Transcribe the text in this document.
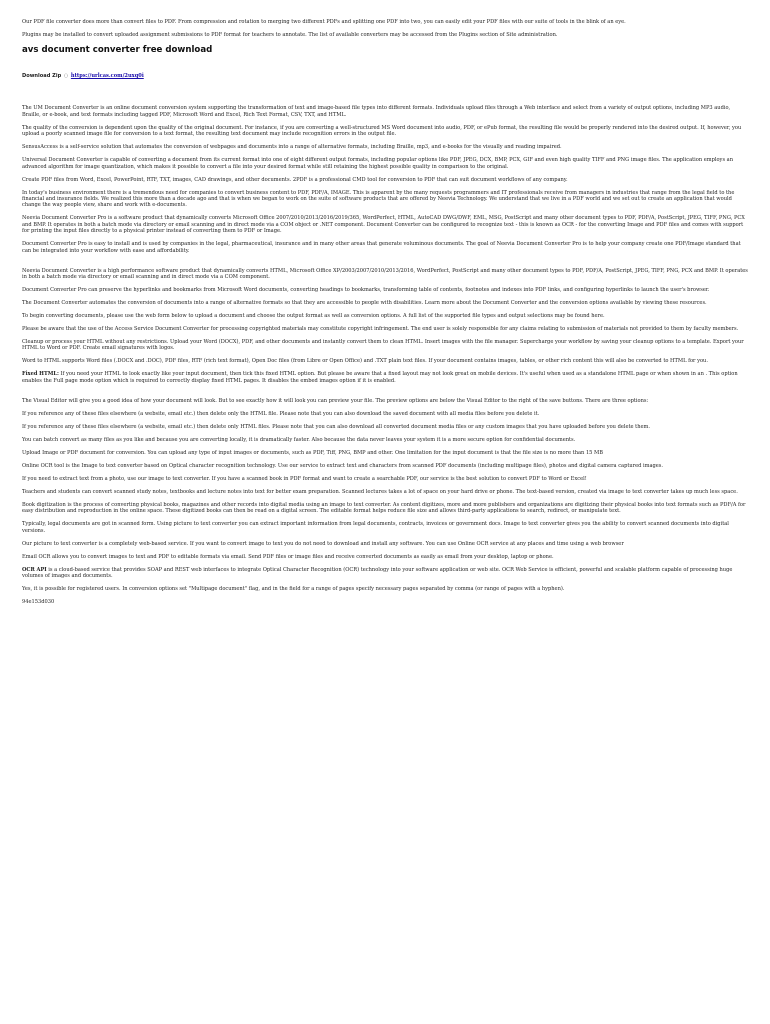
Our PDF file converter does more than convert files to PDF. From compression and rotation to merging two different PDFs and splitting one PDF into two, you can easily edit your PDF files with our suite of tools in the blink of an eye.

Plugins may be installed to convert uploaded assignment submissions to PDF format for teachers to annotate. The list of available converters may be accessed from the Plugins section of Site administration.

avs document converter free download
Download Zip ◌ https://urlcas.com/2uxq0i

The UM Document Converter is an online document conversion system supporting the transformation of text and image-based file types into different formats. Individuals upload files through a Web interface and select from a variety of output options, including MP3 audio, Braille, or e-book, and text formats including tagged PDF, Microsoft Word and Excel, Rich Text Format, CSV, TXT, and HTML.

The quality of the conversion is dependent upon the quality of the original document. For instance, if you are converting a well-structured MS Word document into audio, PDF, or ePub format, the resulting file would be properly rendered into the desired output. If, however, you upload a poorly scanned image file for conversion to a text format, the resulting text document may include recognition errors in the output file.

SensusAccess is a self-service solution that automates the conversion of webpages and documents into a range of alternative formats, including Braille, mp3, and e-books for the visually and reading impaired.

Universal Document Converter is capable of converting a document from its current format into one of eight different output formats, including popular options like PDF, JPEG, DCX, BMP, PCX, GIF and even high quality TIFF and PNG image files. The application employs an advanced algorithm for image quantization, which makes it possible to convert a file into your desired format while still retaining the highest possible quality in comparison to the original.

Create PDF files from Word, Excel, PowerPoint, RTF, TXT, images, CAD drawings, and other documents. 2PDF is a professional CMD tool for conversion to PDF that can suit document workflows of any company.

In today's business environment there is a tremendous need for companies to convert business content to PDF, PDF/A, IMAGE. This is apparent by the many requests programmers and IT professionals receive from managers in industries that range from the legal field to the financial and insurance fields. We realized this more than a decade ago and that is when we began to work on the suite of software products that are offered by Neevia Technology. We understand that we live in a PDF world and we set out to create an application that would change the way people view, share and work with e-documents.

Neevia Document Converter Pro is a software product that dynamically converts Microsoft Office 2007/2010/2013/2016/2019/365, WordPerfect, HTML, AutoCAD DWG/DWF, EML, MSG, PostScript and many other document types to PDF, PDF/A, PostScript, JPEG, TIFF, PNG, PCX and BMP. It operates in both a batch mode via directory or email scanning and in direct mode via a COM object or .NET component. Document Converter can be configured to recognize text - this is known as OCR - for the converting Image and PDF files and comes with support for printing the input files directly to a physical printer instead of converting them to PDF or Image.

Document Converter Pro is easy to install and is used by companies in the legal, pharmaceutical, insurance and in many other areas that generate voluminous documents. The goal of Neevia Document Converter Pro is to help your company create one PDF/Image standard that can be integrated into your workflow with ease and affordability.

Neevia Document Converter is a high performance software product that dynamically converts HTML, Microsoft Office XP/2003/2007/2010/2013/2016, WordPerfect, PostScript and many other document types to PDF, PDF/A, PostScript, JPEG, TIFF, PNG, PCX and BMP. It operates in both a batch mode via directory or email scanning and in direct mode via a COM component.

Document Converter Pro can preserve the hyperlinks and bookmarks from Microsoft Word documents, converting headings to bookmarks, transforming table of contents, footnotes and indexes into PDF links, and configuring hyperlinks to launch the user's browser.

The Document Converter automates the conversion of documents into a range of alternative formats so that they are accessible to people with disabilities. Learn more about the Document Converter and the conversion options available by viewing these resources.

To begin converting documents, please use the web form below to upload a document and choose the output format as well as conversion options. A full list of the supported file types and output selections may be found here.

Please be aware that the use of the Access Service Document Converter for processing copyrighted materials may constitute copyright infringement. The end user is solely responsible for any claims relating to submission of materials not provided to them by faculty members.

Cleanup or process your HTML without any restrictions. Upload your Word (DOCX), PDF, and other documents and instantly convert them to clean HTML. Insert images with the file manager. Supercharge your workflow by saving your cleanup options to a template. Export your HTML to Word or PDF. Create email signatures with logos.

Word to HTML supports Word files (.DOCX and .DOC), PDF files, RTF (rich text format), Open Doc files (from Libre or Open Office) and .TXT plain text files. If your document contains images, tables, or other rich content this will also be converted to HTML for you.

Fixed HTML: If you need your HTML to look exactly like your input document, then tick this fixed HTML option. But please be aware that a fixed layout may not look great on mobile devices. It's useful when used as a standalone HTML page or when shown in an . This option enables the Full page mode option which is required to correctly display fixed HTML pages. It disables the embed images option if it is enabled.

The Visual Editor will give you a good idea of how your document will look. But to see exactly how it will look you can preview your file. The preview options are below the Visual Editor to the right of the save buttons. There are three options:

If you reference any of these files elsewhere (a website, email etc.) then delete only the HTML file. Please note that you can also download the saved document with all media files before you delete it.

If you reference any of these files elsewhere (a website, email etc.) then delete only HTML files. Please note that you can also download all converted document media files or any custom images that you have uploaded before you delete them.

You can batch convert as many files as you like and because you are converting locally, it is dramatically faster. Also because the data never leaves your system it is a more secure option for confidential documents.

Upload Image or PDF document for conversion. You can upload any type of input images or documents, such as PDF, Tiff, PNG, BMP and other. One limitation for the input document is that the file size is no more than 15 MB

Online OCR tool is the Image to text converter based on Optical character recognition technology. Use our service to extract text and characters from scanned PDF documents (including multipage files), photos and digital camera captured images.

If you need to extract text from a photo, use our image to text converter. If you have a scanned book in PDF format and want to create a searchable PDF, our service is the best solution to convert PDF to Word or Excel!

Teachers and students can convert scanned study notes, textbooks and lecture notes into text for better exam preparation. Scanned lectures takes a lot of space on your hard drive or phone. The text-based version, created via image to text converter takes up much less space.

Book digitization is the process of converting physical books, magazines and other records into digital media using an image to text converter. As content digitizes, more and more publishers and organizations are digitizing their physical books into text formats such as PDF/A for easy distribution and reproduction in the online space. These digitized books can then be read on a digital screen. The editable format helps reduce file size and allows third-party applications to search, redirect, or manipulate text.

Typically, legal documents are got in scanned form. Using picture to text converter you can extract important information from legal documents, contracts, invoices or government docs. Image to text converter gives you the ability to convert scanned documents into digital versions.

Our picture to text converter is a completely web-based service. If you want to convert image to text you do not need to download and install any software. You can use Online OCR service at any places and time using a web browser

Email OCR allows you to convert images to text and PDF to editable formats via email. Send PDF files or image files and receive converted documents as easily as email from your desktop, laptop or phone.

OCR API is a cloud-based service that provides SOAP and REST web interfaces to integrate Optical Character Recognition (OCR) technology into your software application or web site. OCR Web Service is efficient, powerful and scalable platform capable of processing huge volumes of images and documents.

Yes, it is possible for registered users. In conversion options set "Multipage document" flag, and in the field for a range of pages specify necessary pages separated by comma (or range of pages with a hyphen).

94e153d030
